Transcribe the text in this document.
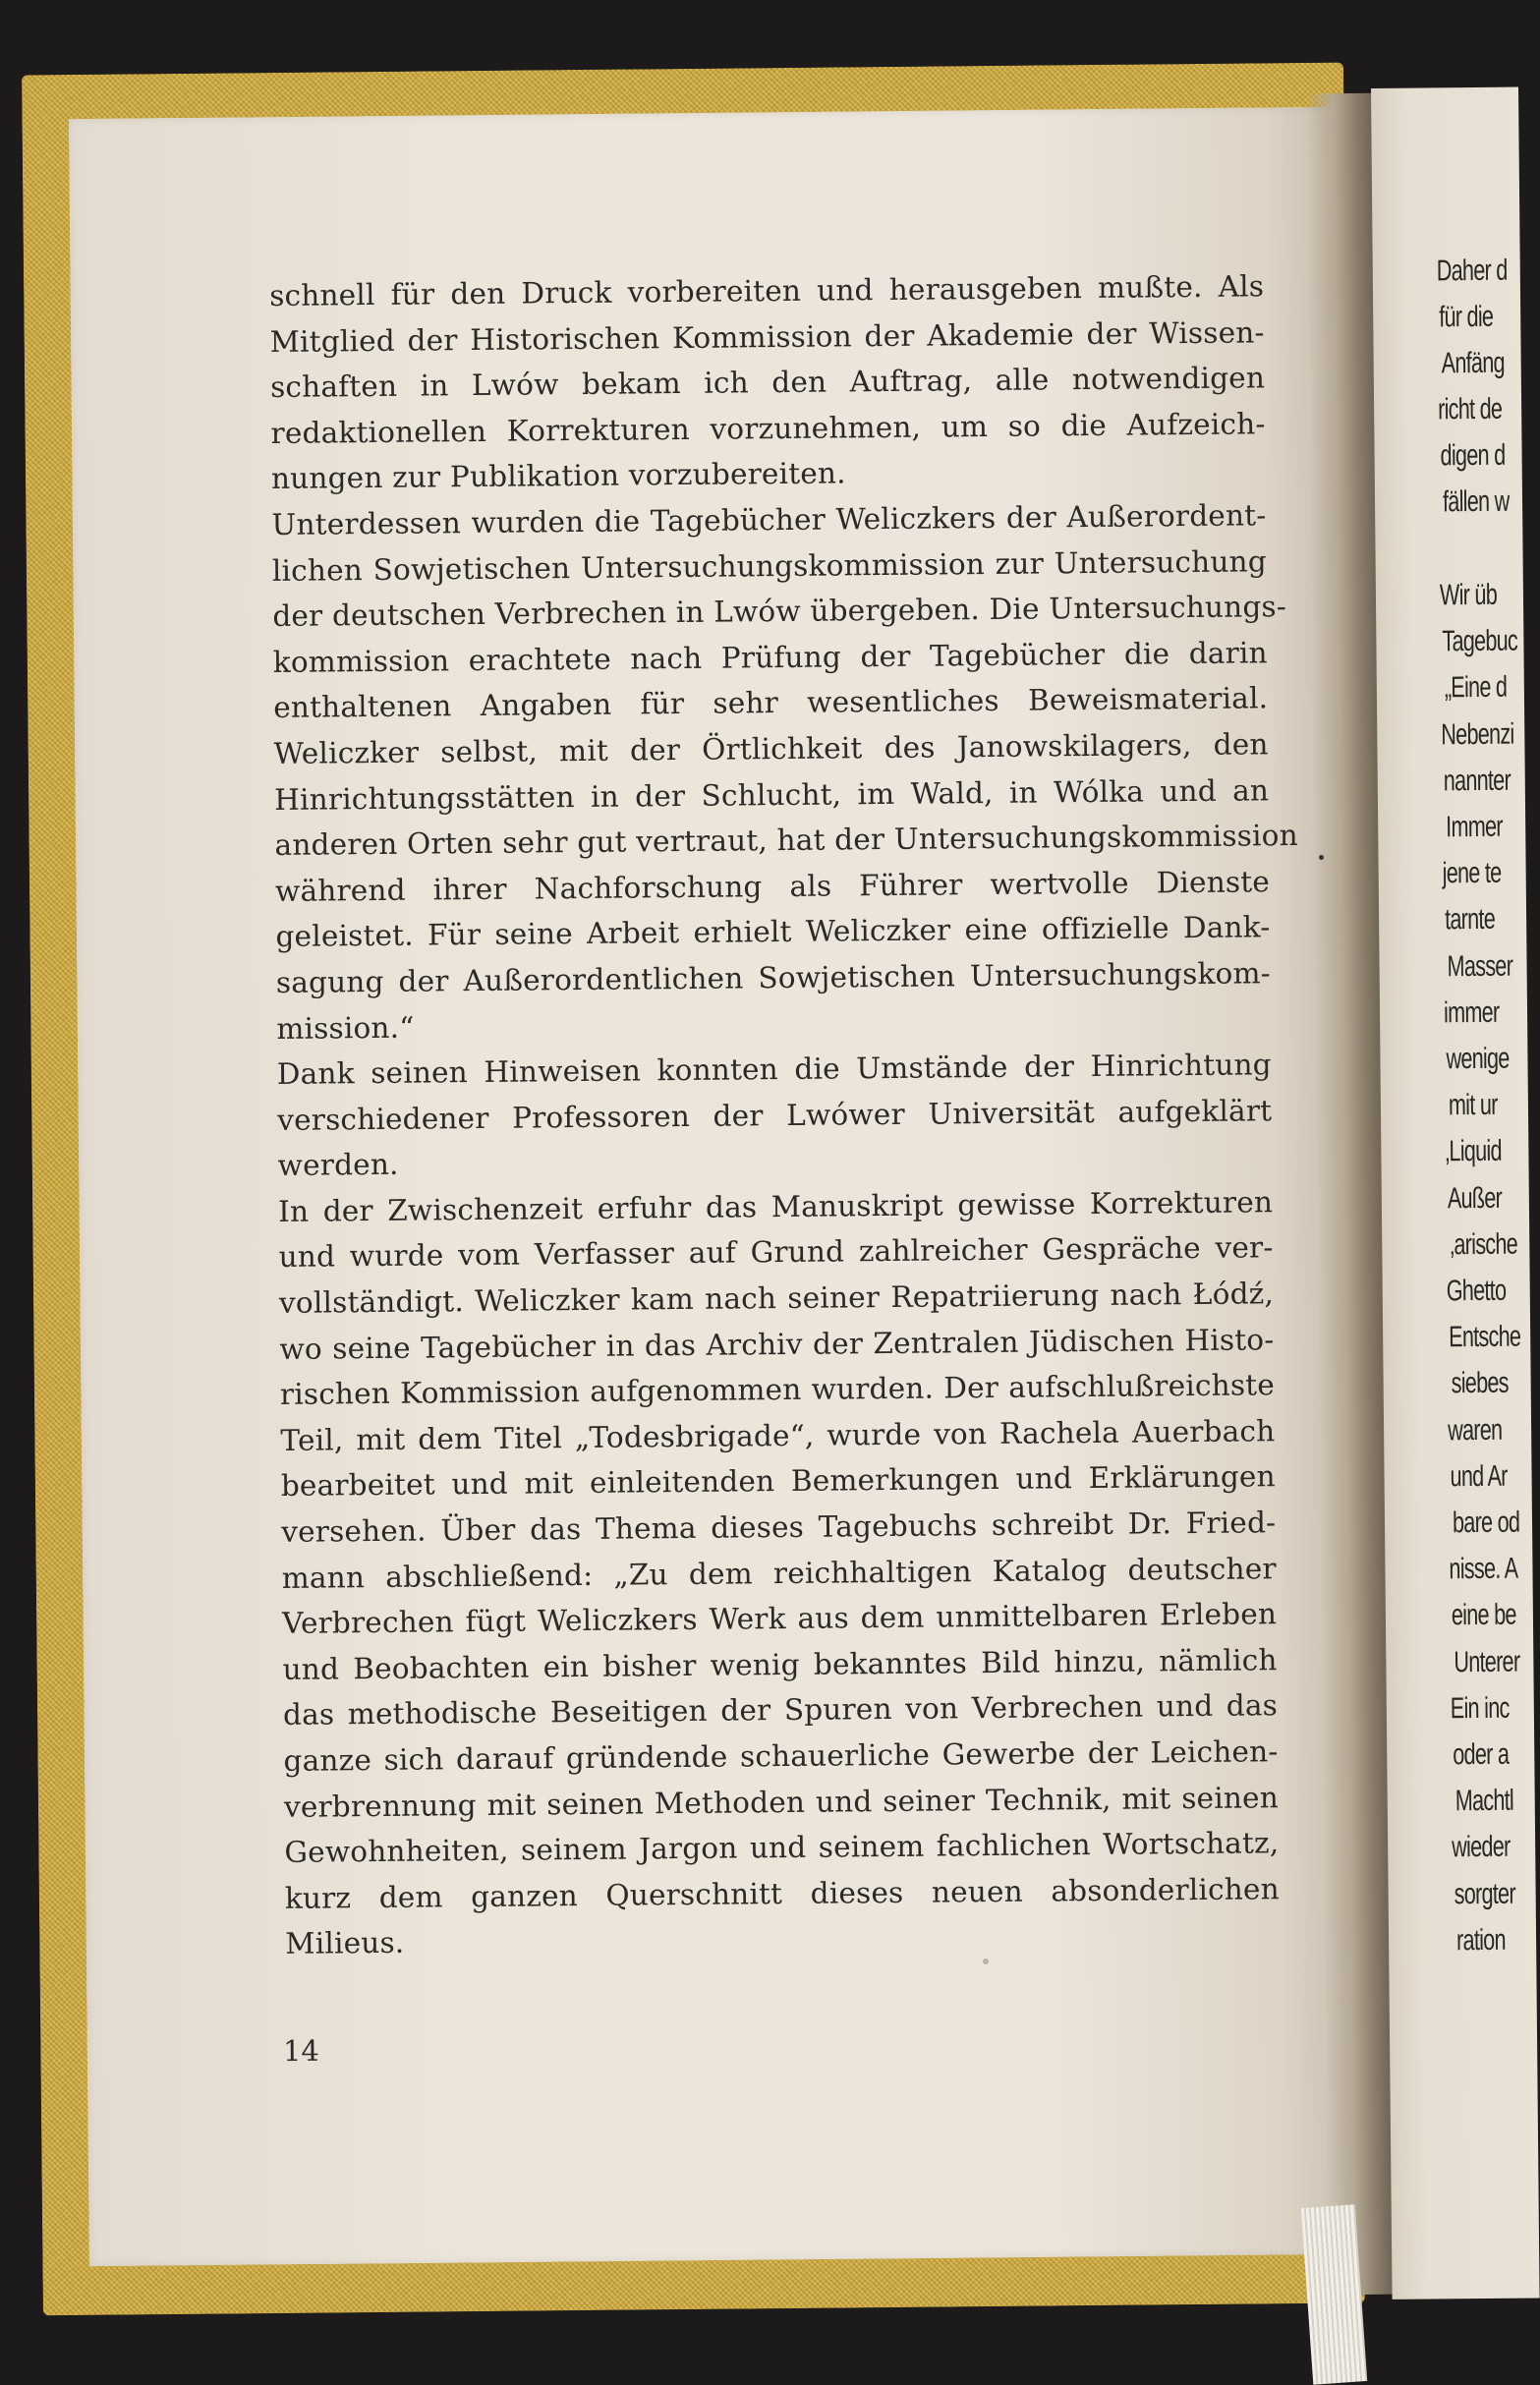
Daher d
für die
Anfäng
richt de
digen d
fällen w
Wir üb
Tagebuc
„Eine d
Nebenzi
nannter
Immer
jene te
tarnte
Masser
immer
wenige
mit ur
‚Liquid
Außer
‚arische
Ghetto
Entsche
siebes
waren
und Ar
bare od
nisse. A
eine be
Unterer
Ein inc
oder a
Machtl
wieder
sorgter
ration
schnell für den Druck vorbereiten und herausgeben mußte. Als
Mitglied der Historischen Kommission der Akademie der Wissen-
schaften in Lwów bekam ich den Auftrag, alle notwendigen
redaktionellen Korrekturen vorzunehmen, um so die Aufzeich-
nungen zur Publikation vorzubereiten.
Unterdessen wurden die Tagebücher Weliczkers der Außerordent-
lichen Sowjetischen Untersuchungskommission zur Untersuchung
der deutschen Verbrechen in Lwów übergeben. Die Untersuchungs-
kommission erachtete nach Prüfung der Tagebücher die darin
enthaltenen Angaben für sehr wesentliches Beweismaterial.
Weliczker selbst, mit der Örtlichkeit des Janowskilagers, den
Hinrichtungsstätten in der Schlucht, im Wald, in Wólka und an
anderen Orten sehr gut vertraut, hat der Untersuchungskommission
während ihrer Nachforschung als Führer wertvolle Dienste
geleistet. Für seine Arbeit erhielt Weliczker eine offizielle Dank-
sagung der Außerordentlichen Sowjetischen Untersuchungskom-
mission.“
Dank seinen Hinweisen konnten die Umstände der Hinrichtung
verschiedener Professoren der Lwówer Universität aufgeklärt
werden.
In der Zwischenzeit erfuhr das Manuskript gewisse Korrekturen
und wurde vom Verfasser auf Grund zahlreicher Gespräche ver-
vollständigt. Weliczker kam nach seiner Repatriierung nach Łódź,
wo seine Tagebücher in das Archiv der Zentralen Jüdischen Histo-
rischen Kommission aufgenommen wurden. Der aufschlußreichste
Teil, mit dem Titel „Todesbrigade“, wurde von Rachela Auerbach
bearbeitet und mit einleitenden Bemerkungen und Erklärungen
versehen. Über das Thema dieses Tagebuchs schreibt Dr. Fried-
mann abschließend: „Zu dem reichhaltigen Katalog deutscher
Verbrechen fügt Weliczkers Werk aus dem unmittelbaren Erleben
und Beobachten ein bisher wenig bekanntes Bild hinzu, nämlich
das methodische Beseitigen der Spuren von Verbrechen und das
ganze sich darauf gründende schauerliche Gewerbe der Leichen-
verbrennung mit seinen Methoden und seiner Technik, mit seinen
Gewohnheiten, seinem Jargon und seinem fachlichen Wortschatz,
kurz dem ganzen Querschnitt dieses neuen absonderlichen
Milieus.
14
